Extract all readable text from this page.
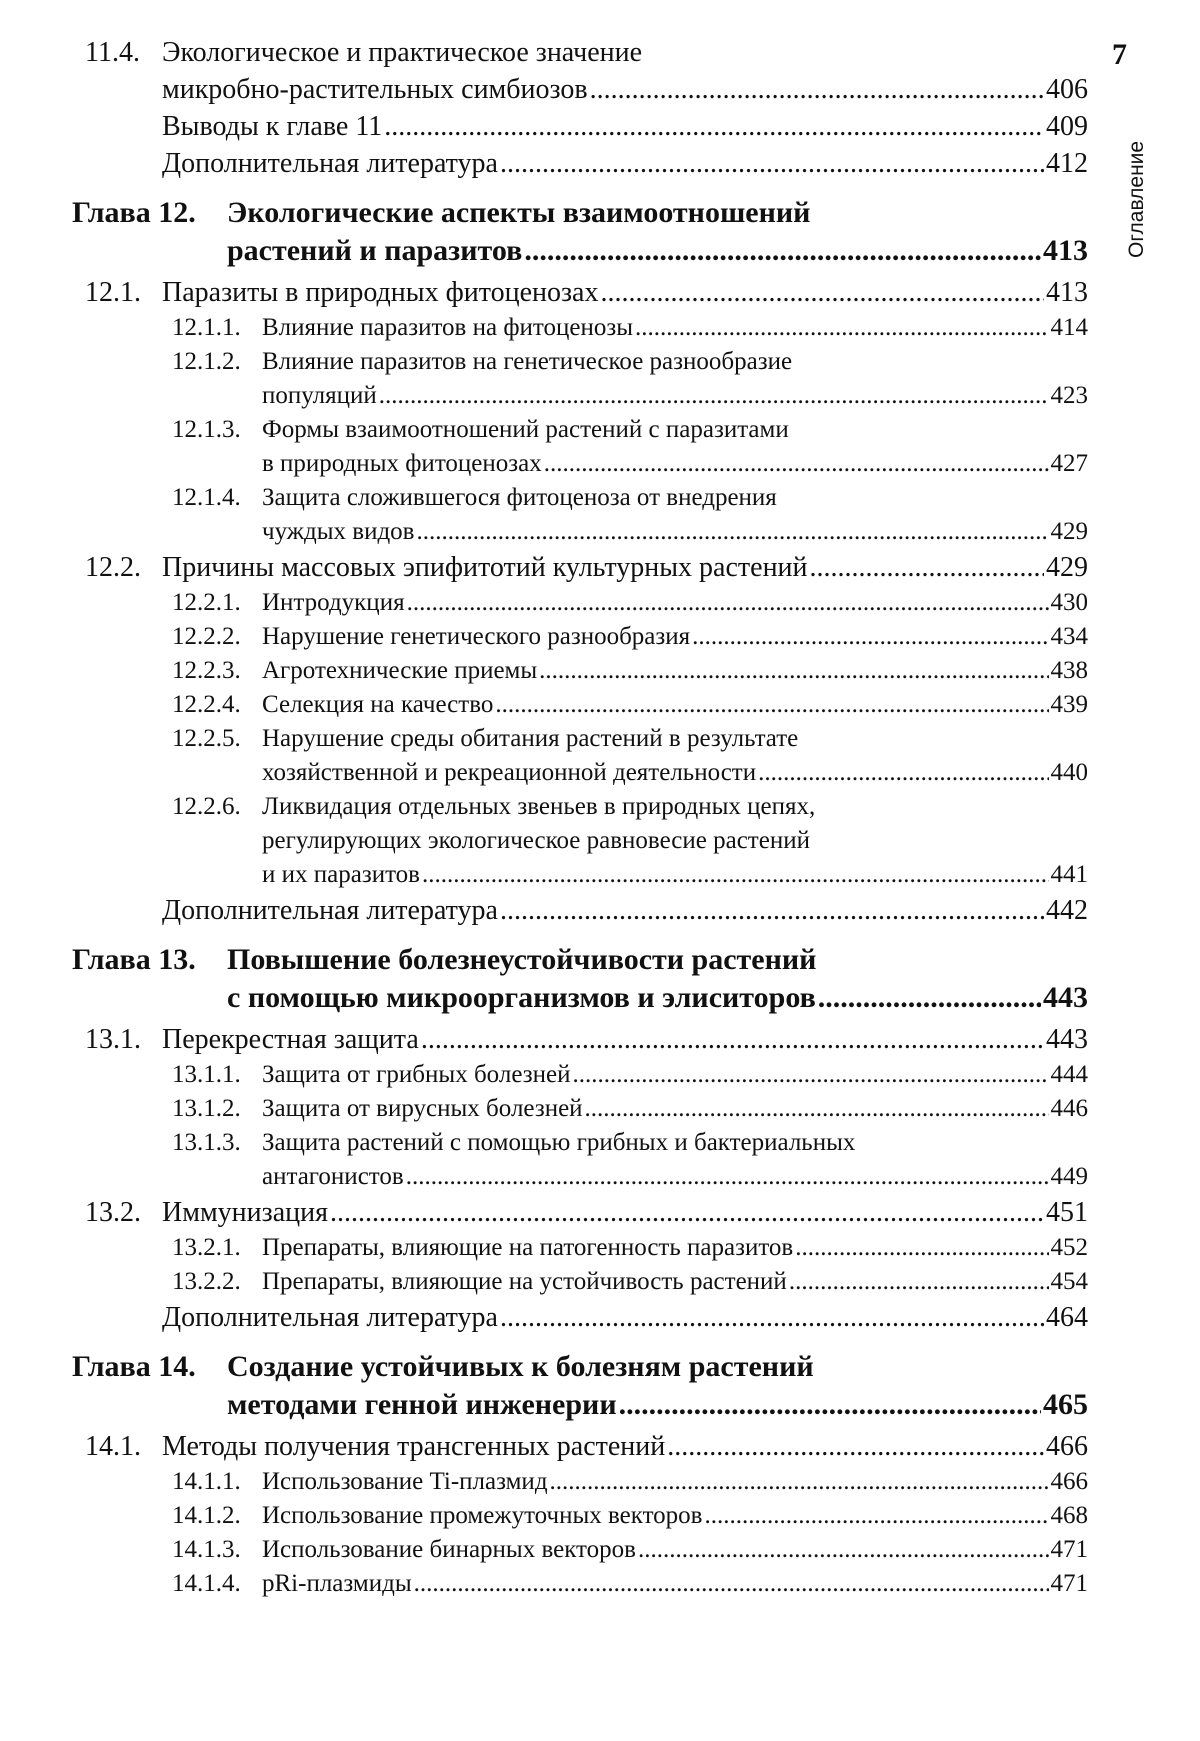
7
Оглавление
11.4. Экологическое и практическое значение
микробно-растительных симбиозов .....	406
Выводы к главе 11 .....	409
Дополнительная литература .....	412
Глава 12. Экологические аспекты взаимоотношений
растений и паразитов .....	413
12.1. Паразиты в природных фитоценозах .....	413
12.1.1. Влияние паразитов на фитоценозы .....	414
12.1.2. Влияние паразитов на генетическое разнообразие
популяций .....	423
12.1.3. Формы взаимоотношений растений с паразитами
в природных фитоценозах .....	427
12.1.4. Защита сложившегося фитоценоза от внедрения
чуждых видов .....	429
12.2. Причины массовых эпифитотий культурных растений .....	429
12.2.1. Интродукция .....	430
12.2.2. Нарушение генетического разнообразия .....	434
12.2.3. Агротехнические приемы .....	438
12.2.4. Селекция на качество .....	439
12.2.5. Нарушение среды обитания растений в результате
хозяйственной и рекреационной деятельности .....	440
12.2.6. Ликвидация отдельных звеньев в природных цепях,
регулирующих экологическое равновесие растений
и их паразитов .....	441
Дополнительная литература .....	442
Глава 13. Повышение болезнеустойчивости растений
с помощью микроорганизмов и элиситоров .....	443
13.1. Перекрестная защита .....	443
13.1.1. Защита от грибных болезней .....	444
13.1.2. Защита от вирусных болезней .....	446
13.1.3. Защита растений с помощью грибных и бактериальных
антагонистов .....	449
13.2. Иммунизация .....	451
13.2.1. Препараты, влияющие на патогенность паразитов .....	452
13.2.2. Препараты, влияющие на устойчивость растений .....	454
Дополнительная литература .....	464
Глава 14. Создание устойчивых к болезням растений
методами генной инженерии .....	465
14.1. Методы получения трансгенных растений .....	466
14.1.1. Использование Ti-плазмид .....	466
14.1.2. Использование промежуточных векторов .....	468
14.1.3. Использование бинарных векторов .....	471
14.1.4. pRi-плазмиды .....	471
